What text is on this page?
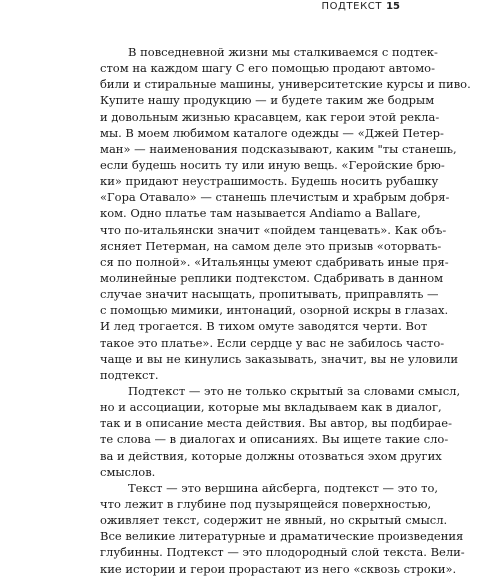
ПОДТЕКСТ 15
В повседневной жизни мы сталкиваемся с подтек-
стом на каждом шагу С его помощью продают автомо-
били и стиральные машины, университетские курсы и пиво.
Купите нашу продукцию — и будете таким же бодрым
и довольным жизнью красавцем, как герои этой рекла-
мы. В моем любимом каталоге одежды — «Джей Петер-
ман» — наименования подсказывают, каким "ты станешь,
если будешь носить ту или иную вещь. «Геройские брю-
ки» придают неустрашимость. Будешь носить рубашку
«Гора Отавало» — станешь плечистым и храбрым добря-
ком. Одно платье там называется Andiamo a Ballare,
что по-итальянски значит «пойдем танцевать». Как объ-
ясняет Петерман, на самом деле это призыв «оторвать-
ся по полной». «Итальянцы умеют сдабривать иные пря-
молинейные реплики подтекстом. Сдабривать в данном
случае значит насыщать, пропитывать, приправлять —
с помощью мимики, интонаций, озорной искры в глазах.
И лед трогается. В тихом омуте заводятся черти. Вот
такое это платье». Если сердце у вас не забилось часто-
чаще и вы не кинулись заказывать, значит, вы не уловили
подтекст.
Подтекст — это не только скрытый за словами смысл,
но и ассоциации, которые мы вкладываем как в диалог,
так и в описание места действия. Вы автор, вы подбирае-
те слова — в диалогах и описаниях. Вы ищете такие сло-
ва и действия, которые должны отозваться эхом других
смыслов.
Текст — это вершина айсберга, подтекст — это то,
что лежит в глубине под пузырящейся поверхностью,
оживляет текст, содержит не явный, но скрытый смысл.
Все великие литературные и драматические произведения
глубинны. Подтекст — это плодородный слой текста. Вели-
кие истории и герои прорастают из него «сквозь строки».
